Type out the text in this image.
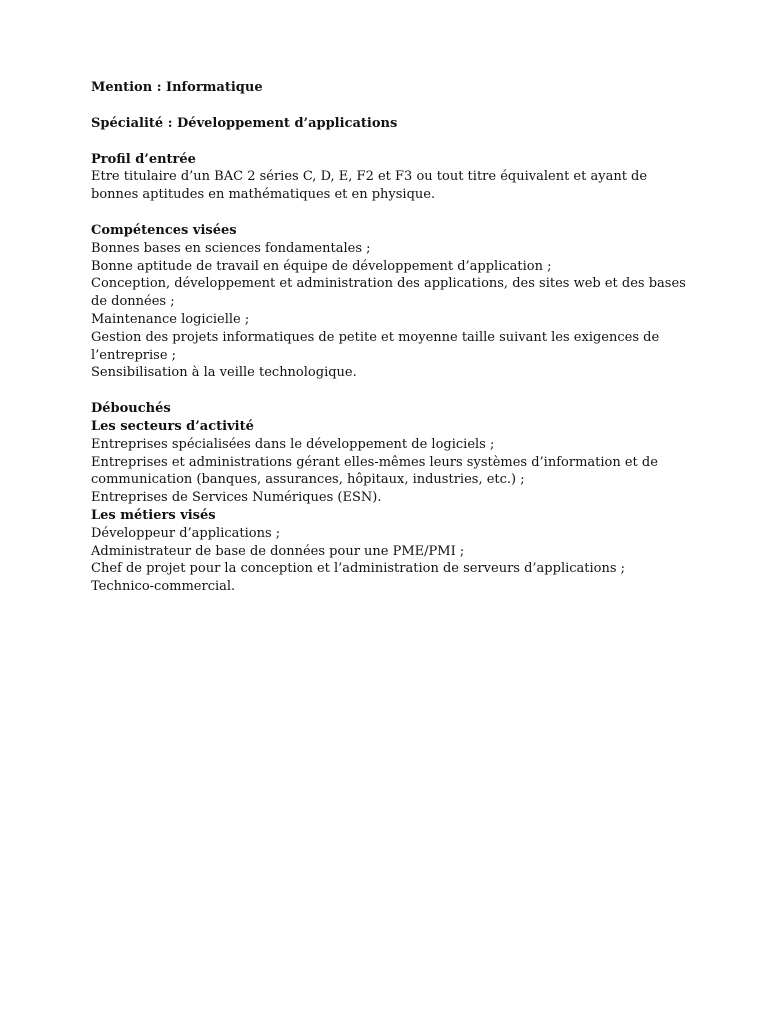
Mention : Informatique

Spécialité : Développement d’applications

Profil d’entrée

Etre titulaire d’un BAC 2 séries C, D, E, F2 et F3 ou tout titre équivalent et ayant de bonnes aptitudes en mathématiques et en physique.

Compétences visées

Bonnes bases en sciences fondamentales ;
Bonne aptitude de travail en équipe de développement d’application ;
Conception, développement et administration des applications, des sites web et des bases de données ;
Maintenance logicielle ;
Gestion des projets informatiques de petite et moyenne taille suivant les exigences de l’entreprise ;
Sensibilisation à la veille technologique.

Débouchés

Les secteurs d’activité

Entreprises spécialisées dans le développement de logiciels ;
Entreprises et administrations gérant elles-mêmes leurs systèmes d’information et de communication (banques, assurances, hôpitaux, industries, etc.) ;
Entreprises de Services Numériques (ESN).

Les métiers visés

Développeur d’applications ;
Administrateur de base de données pour une PME/PMI ;
Chef de projet pour la conception et l’administration de serveurs d’applications ;
Technico-commercial.
